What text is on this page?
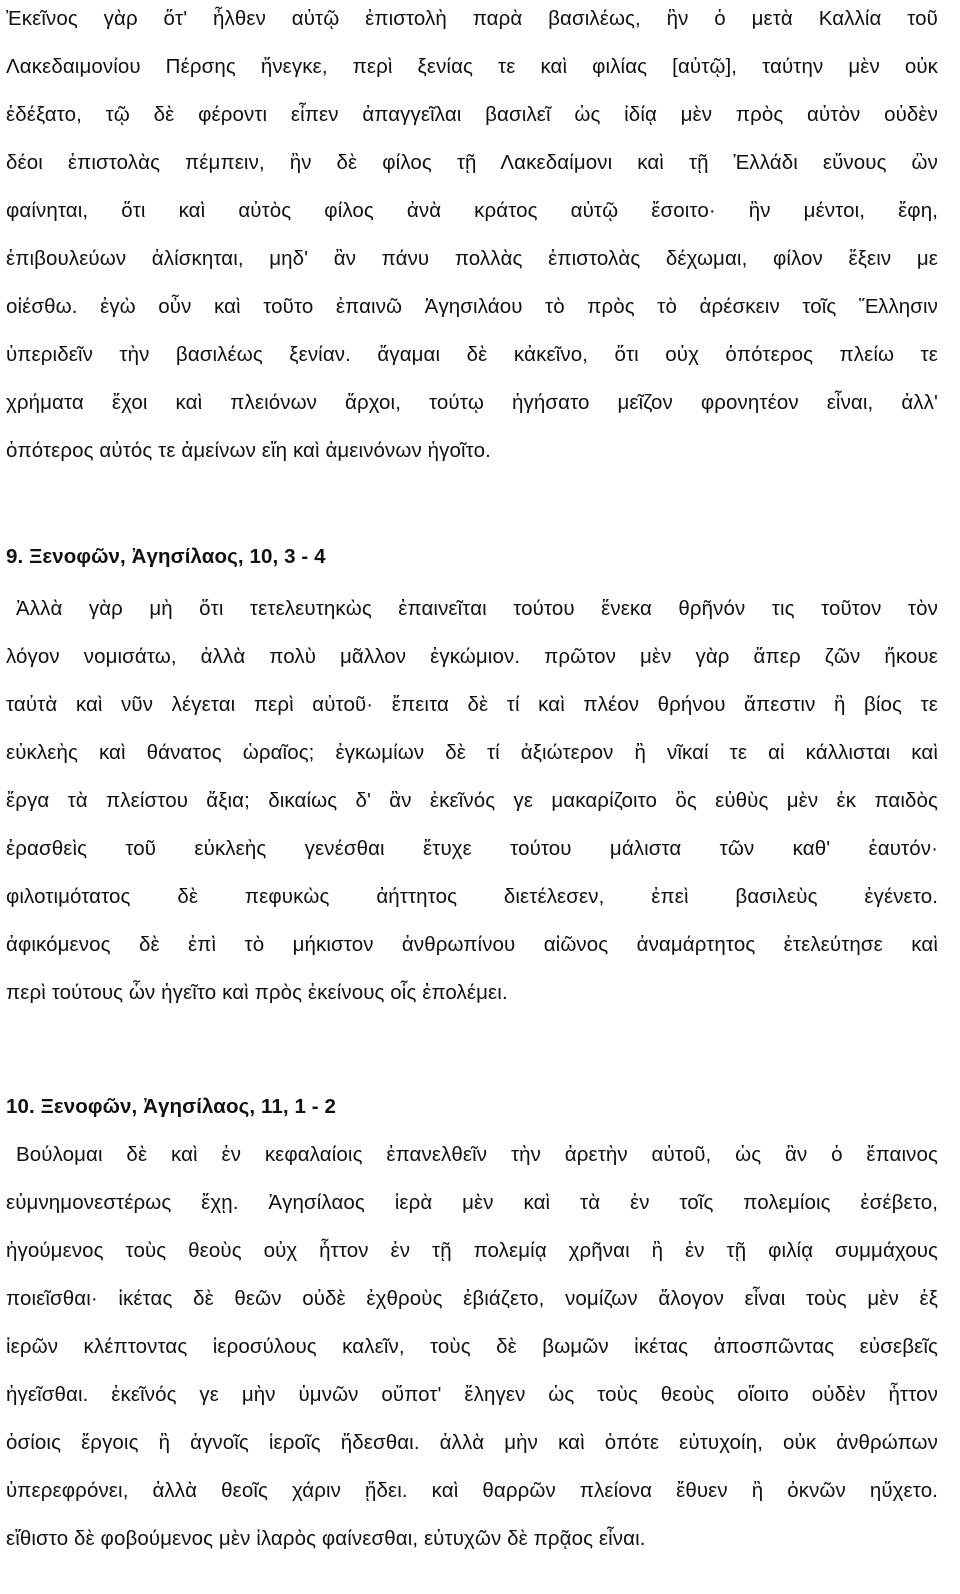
Ἐκεῖνος γὰρ ὅτ' ἦλθεν αὐτῷ ἐπιστολὴ παρὰ βασιλέως, ἣν ὁ μετὰ Καλλία τοῦ
Λακεδαιμονίου Πέρσης ἤνεγκε, περὶ ξενίας τε καὶ φιλίας [αὐτῷ], ταύτην μὲν οὐκ
ἐδέξατο, τῷ δὲ φέροντι εἶπεν ἀπαγγεῖλαι βασιλεῖ ὡς ἰδίᾳ μὲν πρὸς αὐτὸν οὐδὲν
δέοι ἐπιστολὰς πέμπειν, ἢν δὲ φίλος τῇ Λακεδαίμονι καὶ τῇ Ἑλλάδι εὔνους ὢν
φαίνηται, ὅτι καὶ αὐτὸς φίλος ἀνὰ κράτος αὐτῷ ἔσοιτο· ἢν μέντοι, ἔφη,
ἐπιβουλεύων ἁλίσκηται, μηδ' ἂν πάνυ πολλὰς ἐπιστολὰς δέχωμαι, φίλον ἕξειν με
οἰέσθω. ἐγὼ οὖν καὶ τοῦτο ἐπαινῶ Ἀγησιλάου τὸ πρὸς τὸ ἀρέσκειν τοῖς Ἕλλησιν
ὑπεριδεῖν τὴν βασιλέως ξενίαν. ἄγαμαι δὲ κἀκεῖνο, ὅτι οὐχ ὁπότερος πλείω τε
χρήματα ἔχοι καὶ πλειόνων ἄρχοι, τούτῳ ἡγήσατο μεῖζον φρονητέον εἶναι, ἀλλ'
ὁπότερος αὐτός τε ἀμείνων εἴη καὶ ἀμεινόνων ἡγοῖτο.
9. Ξενοφῶν, Ἀγησίλαος, 10, 3 - 4
Ἀλλὰ γὰρ μὴ ὅτι τετελευτηκὼς ἐπαινεῖται τούτου ἕνεκα θρῆνόν τις τοῦτον τὸν
λόγον νομισάτω, ἀλλὰ πολὺ μᾶλλον ἐγκώμιον. πρῶτον μὲν γὰρ ἅπερ ζῶν ἤκουε
ταὐτὰ καὶ νῦν λέγεται περὶ αὐτοῦ· ἔπειτα δὲ τί καὶ πλέον θρήνου ἄπεστιν ἢ βίος τε
εὐκλεὴς καὶ θάνατος ὡραῖος; ἐγκωμίων δὲ τί ἀξιώτερον ἢ νῖκαί τε αἱ κάλλισται καὶ
ἔργα τὰ πλείστου ἄξια; δικαίως δ' ἂν ἐκεῖνός γε μακαρίζοιτο ὃς εὐθὺς μὲν ἐκ παιδὸς
ἐρασθεὶς τοῦ εὐκλεὴς γενέσθαι ἔτυχε τούτου μάλιστα τῶν καθ' ἑαυτόν·
φιλοτιμότατος δὲ πεφυκὼς ἀήττητος διετέλεσεν, ἐπεὶ βασιλεὺς ἐγένετο.
ἀφικόμενος δὲ ἐπὶ τὸ μήκιστον ἀνθρωπίνου αἰῶνος ἀναμάρτητος ἐτελεύτησε καὶ
περὶ τούτους ὧν ἡγεῖτο καὶ πρὸς ἐκείνους οἷς ἐπολέμει.
10. Ξενοφῶν, Ἀγησίλαος, 11, 1 - 2
Βούλομαι δὲ καὶ ἐν κεφαλαίοις ἐπανελθεῖν τὴν ἀρετὴν αὐτοῦ, ὡς ἂν ὁ ἔπαινος
εὐμνημονεστέρως ἔχῃ. Ἀγησίλαος ἱερὰ μὲν καὶ τὰ ἐν τοῖς πολεμίοις ἐσέβετο,
ἡγούμενος τοὺς θεοὺς οὐχ ἧττον ἐν τῇ πολεμίᾳ χρῆναι ἢ ἐν τῇ φιλίᾳ συμμάχους
ποιεῖσθαι· ἱκέτας δὲ θεῶν οὐδὲ ἐχθροὺς ἐβιάζετο, νομίζων ἄλογον εἶναι τοὺς μὲν ἐξ
ἱερῶν κλέπτοντας ἱεροσύλους καλεῖν, τοὺς δὲ βωμῶν ἱκέτας ἀποσπῶντας εὐσεβεῖς
ἡγεῖσθαι. ἐκεῖνός γε μὴν ὑμνῶν οὔποτ' ἔληγεν ὡς τοὺς θεοὺς οἴοιτο οὐδὲν ἧττον
ὁσίοις ἔργοις ἢ ἁγνοῖς ἱεροῖς ἥδεσθαι. ἀλλὰ μὴν καὶ ὁπότε εὐτυχοίη, οὐκ ἀνθρώπων
ὑπερεφρόνει, ἀλλὰ θεοῖς χάριν ᾔδει. καὶ θαρρῶν πλείονα ἔθυεν ἢ ὀκνῶν ηὔχετο.
εἴθιστο δὲ φοβούμενος μὲν ἱλαρὸς φαίνεσθαι, εὐτυχῶν δὲ πρᾷος εἶναι.
